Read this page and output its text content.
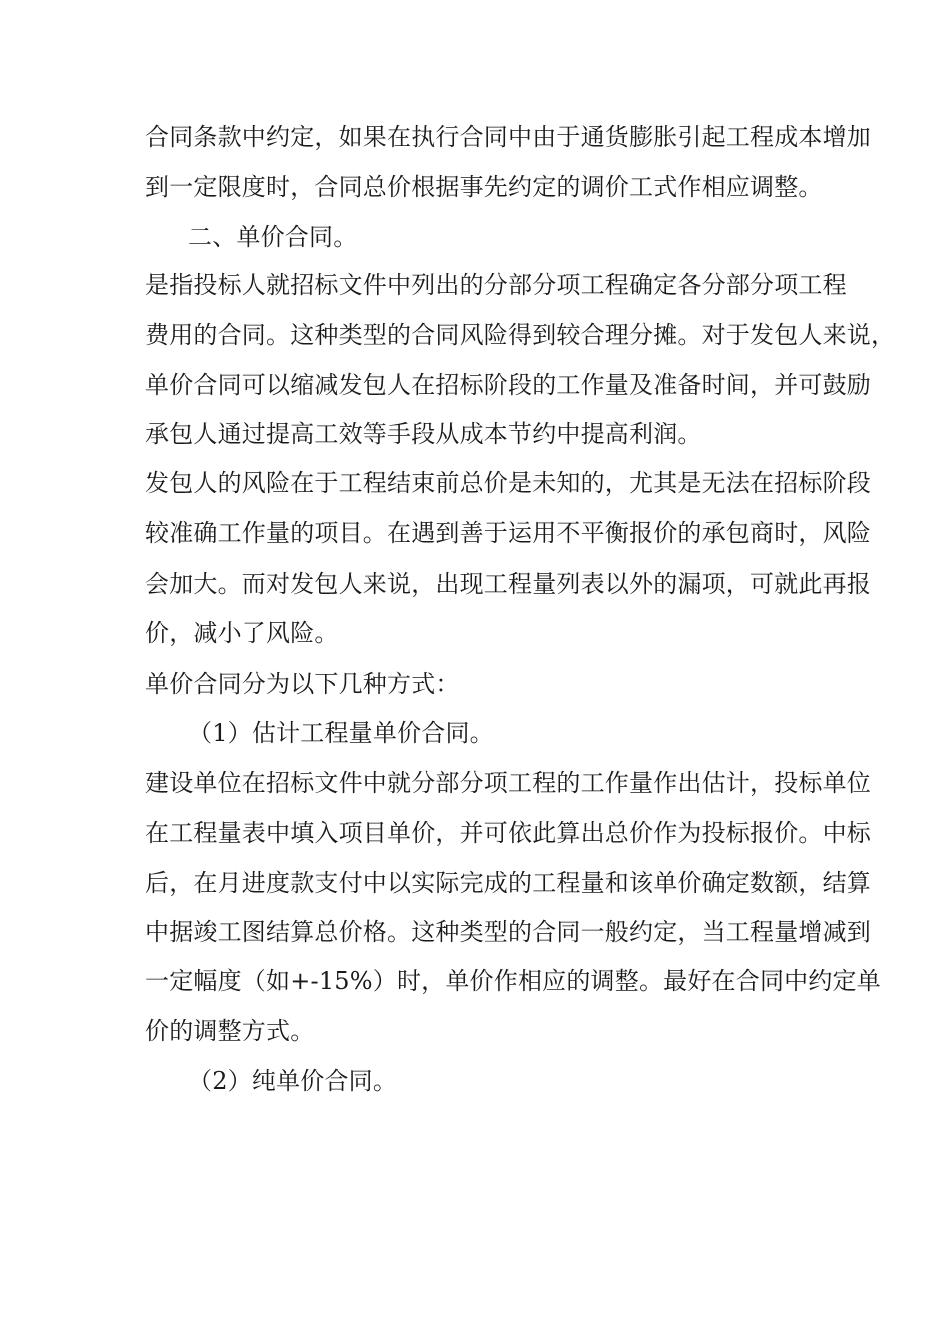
合同条款中约定，如果在执行合同中由于通货膨胀引起工程成本增加
到一定限度时，合同总价根据事先约定的调价工式作相应调整。
二、单价合同。
是指投标人就招标文件中列出的分部分项工程确定各分部分项工程
费用的合同。这种类型的合同风险得到较合理分摊。对于发包人来说，
单价合同可以缩减发包人在招标阶段的工作量及准备时间，并可鼓励
承包人通过提高工效等手段从成本节约中提高利润。
发包人的风险在于工程结束前总价是未知的，尤其是无法在招标阶段
较准确工作量的项目。在遇到善于运用不平衡报价的承包商时，风险
会加大。而对发包人来说，出现工程量列表以外的漏项，可就此再报
价，减小了风险。
单价合同分为以下几种方式：
（1）估计工程量单价合同。
建设单位在招标文件中就分部分项工程的工作量作出估计，投标单位
在工程量表中填入项目单价，并可依此算出总价作为投标报价。中标
后，在月进度款支付中以实际完成的工程量和该单价确定数额，结算
中据竣工图结算总价格。这种类型的合同一般约定，当工程量增减到
一定幅度（如+-15%）时，单价作相应的调整。最好在合同中约定单
价的调整方式。
（2）纯单价合同。
